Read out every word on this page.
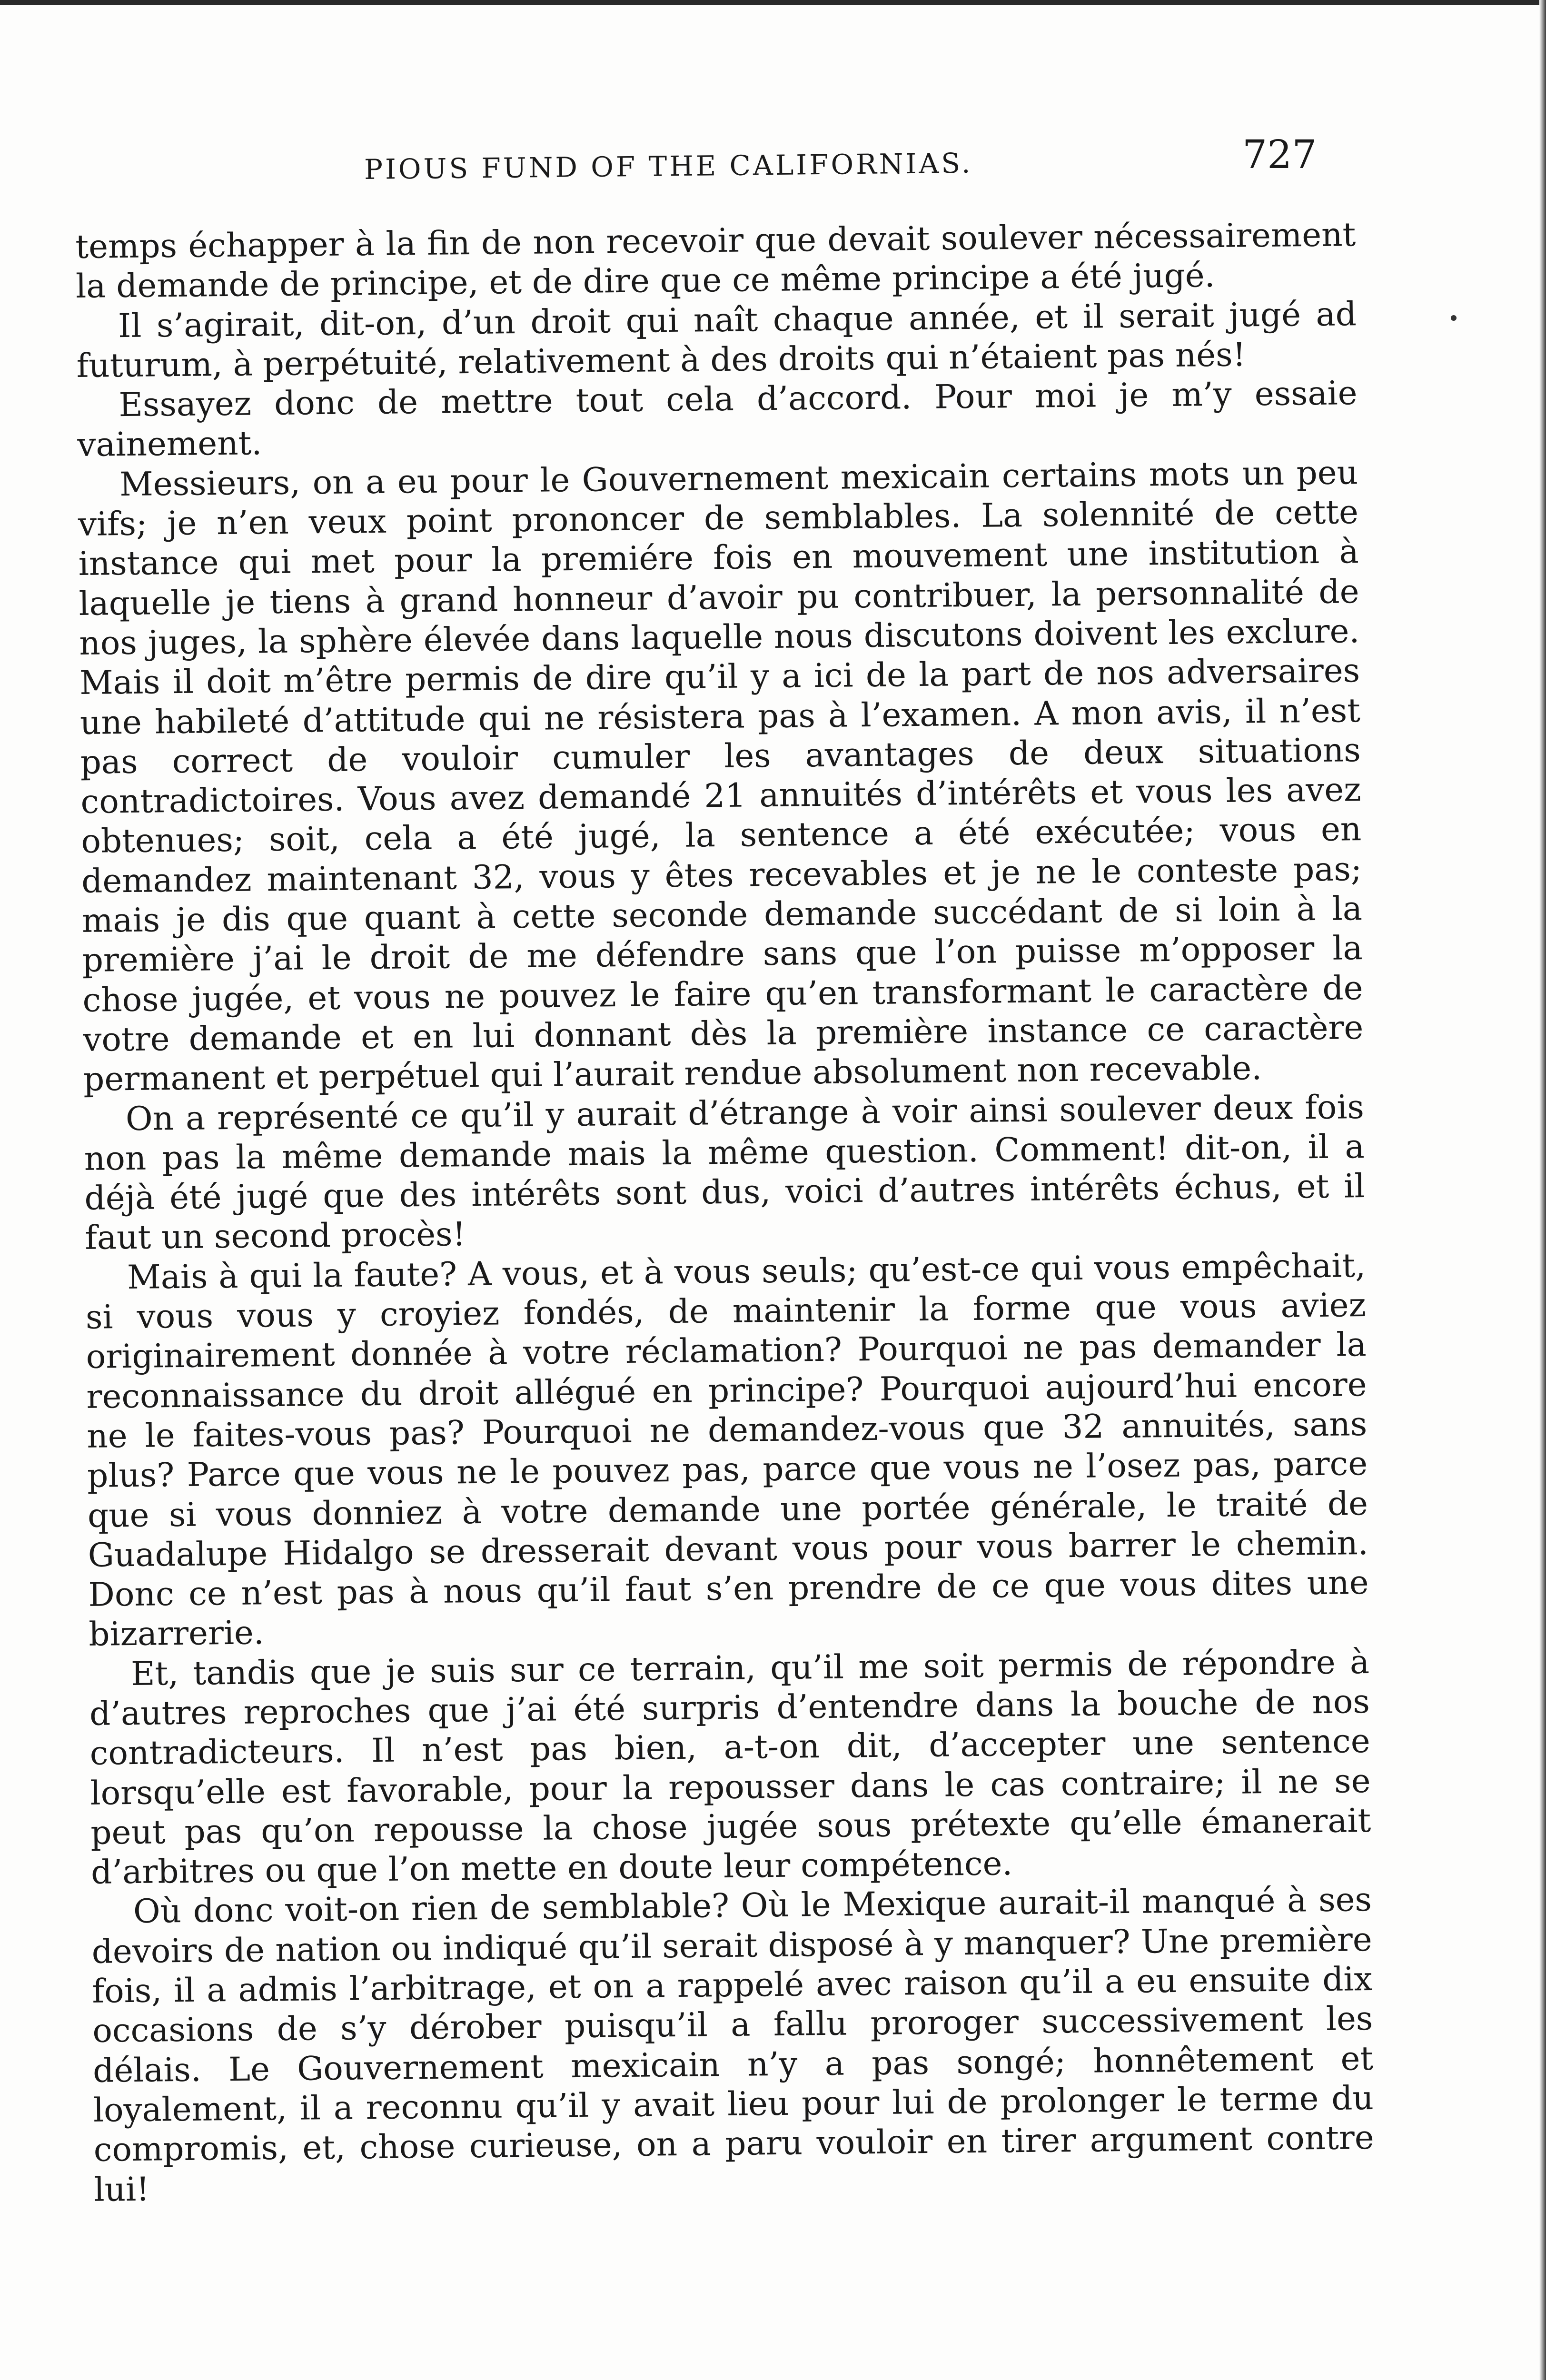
PIOUS FUND OF THE CALIFORNIAS.	727

temps échapper à la fin de non recevoir que devait soulever nécessairement la demande de principe, et de dire que ce même principe a été jugé.

Il s’agirait, dit-on, d’un droit qui naît chaque année, et il serait jugé ad futurum, à perpétuité, relativement à des droits qui n’étaient pas nés!

Essayez donc de mettre tout cela d’accord. Pour moi je m’y essaie vainement.

Messieurs, on a eu pour le Gouvernement mexicain certains mots un peu vifs; je n’en veux point prononcer de semblables. La solennité de cette instance qui met pour la premiére fois en mouvement une institution à laquelle je tiens à grand honneur d’avoir pu contribuer, la personnalité de nos juges, la sphère élevée dans laquelle nous discutons doivent les exclure. Mais il doit m’être permis de dire qu’il y a ici de la part de nos adversaires une habileté d’attitude qui ne résistera pas à l’examen. A mon avis, il n’est pas correct de vouloir cumuler les avantages de deux situations contradictoires. Vous avez demandé 21 annuités d’intérêts et vous les avez obtenues; soit, cela a été jugé, la sentence a été exécutée; vous en demandez maintenant 32, vous y êtes recevables et je ne le conteste pas; mais je dis que quant à cette seconde demande succédant de si loin à la première j’ai le droit de me défendre sans que l’on puisse m’opposer la chose jugée, et vous ne pouvez le faire qu’en transformant le caractère de votre demande et en lui donnant dès la première instance ce caractère permanent et perpétuel qui l’aurait rendue absolument non recevable.

On a représenté ce qu’il y aurait d’étrange à voir ainsi soulever deux fois non pas la même demande mais la même question. Comment! dit-on, il a déjà été jugé que des intérêts sont dus, voici d’autres intérêts échus, et il faut un second procès!

Mais à qui la faute? A vous, et à vous seuls; qu’est-ce qui vous empêchait, si vous vous y croyiez fondés, de maintenir la forme que vous aviez originairement donnée à votre réclamation? Pourquoi ne pas demander la reconnaissance du droit allégué en principe? Pourquoi aujourd’hui encore ne le faites-vous pas? Pourquoi ne demandez-vous que 32 annuités, sans plus? Parce que vous ne le pouvez pas, parce que vous ne l’osez pas, parce que si vous donniez à votre demande une portée générale, le traité de Guadalupe Hidalgo se dresserait devant vous pour vous barrer le chemin. Donc ce n’est pas à nous qu’il faut s’en prendre de ce que vous dites une bizarrerie.

Et, tandis que je suis sur ce terrain, qu’il me soit permis de répondre à d’autres reproches que j’ai été surpris d’entendre dans la bouche de nos contradicteurs. Il n’est pas bien, a-t-on dit, d’accepter une sentence lorsqu’elle est favorable, pour la repousser dans le cas contraire; il ne se peut pas qu’on repousse la chose jugée sous prétexte qu’elle émanerait d’arbitres ou que l’on mette en doute leur compétence.

Où donc voit-on rien de semblable? Où le Mexique aurait-il manqué à ses devoirs de nation ou indiqué qu’il serait disposé à y manquer? Une première fois, il a admis l’arbitrage, et on a rappelé avec raison qu’il a eu ensuite dix occasions de s’y dérober puisqu’il a fallu proroger successivement les délais. Le Gouvernement mexicain n’y a pas songé; honnêtement et loyalement, il a reconnu qu’il y avait lieu pour lui de prolonger le terme du compromis, et, chose curieuse, on a paru vouloir en tirer argument contre lui!
